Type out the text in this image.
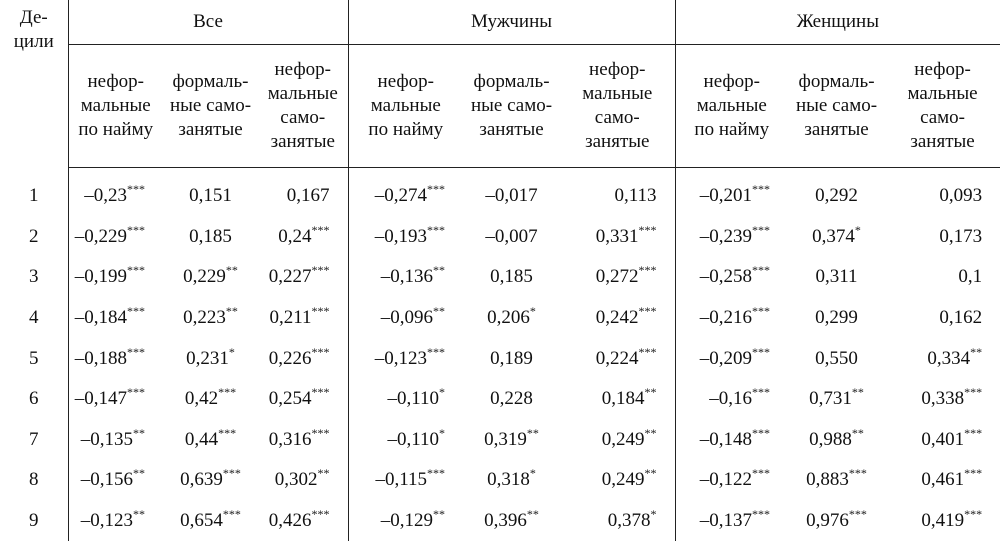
Де-
цили	Все			Мужчины			Женщины		
	нефор-
мальные
по найму	формаль-
ные само-
занятые	нефор-
мальные
само-
занятые	нефор-
мальные
по найму	формаль-
ные само-
занятые	нефор-
мальные
само-
занятые	нефор-
мальные
по найму	формаль-
ные само-
занятые	нефор-
мальные
само-
занятые
1	–0,23***	0,151	0,167	–0,274***	–0,017	0,113	–0,201***	0,292	0,093
2	–0,229***	0,185	0,24***	–0,193***	–0,007	0,331***	–0,239***	0,374*	0,173
3	–0,199***	0,229**	0,227***	–0,136**	0,185	0,272***	–0,258***	0,311	0,1
4	–0,184***	0,223**	0,211***	–0,096**	0,206*	0,242***	–0,216***	0,299	0,162
5	–0,188***	0,231*	0,226***	–0,123***	0,189	0,224***	–0,209***	0,550	0,334**
6	–0,147***	0,42***	0,254***	–0,110*	0,228	0,184**	–0,16***	0,731**	0,338***
7	–0,135**	0,44***	0,316***	–0,110*	0,319**	0,249**	–0,148***	0,988**	0,401***
8	–0,156**	0,639***	0,302**	–0,115***	0,318*	0,249**	–0,122***	0,883***	0,461***
9	–0,123**	0,654***	0,426***	–0,129**	0,396**	0,378*	–0,137***	0,976***	0,419***
